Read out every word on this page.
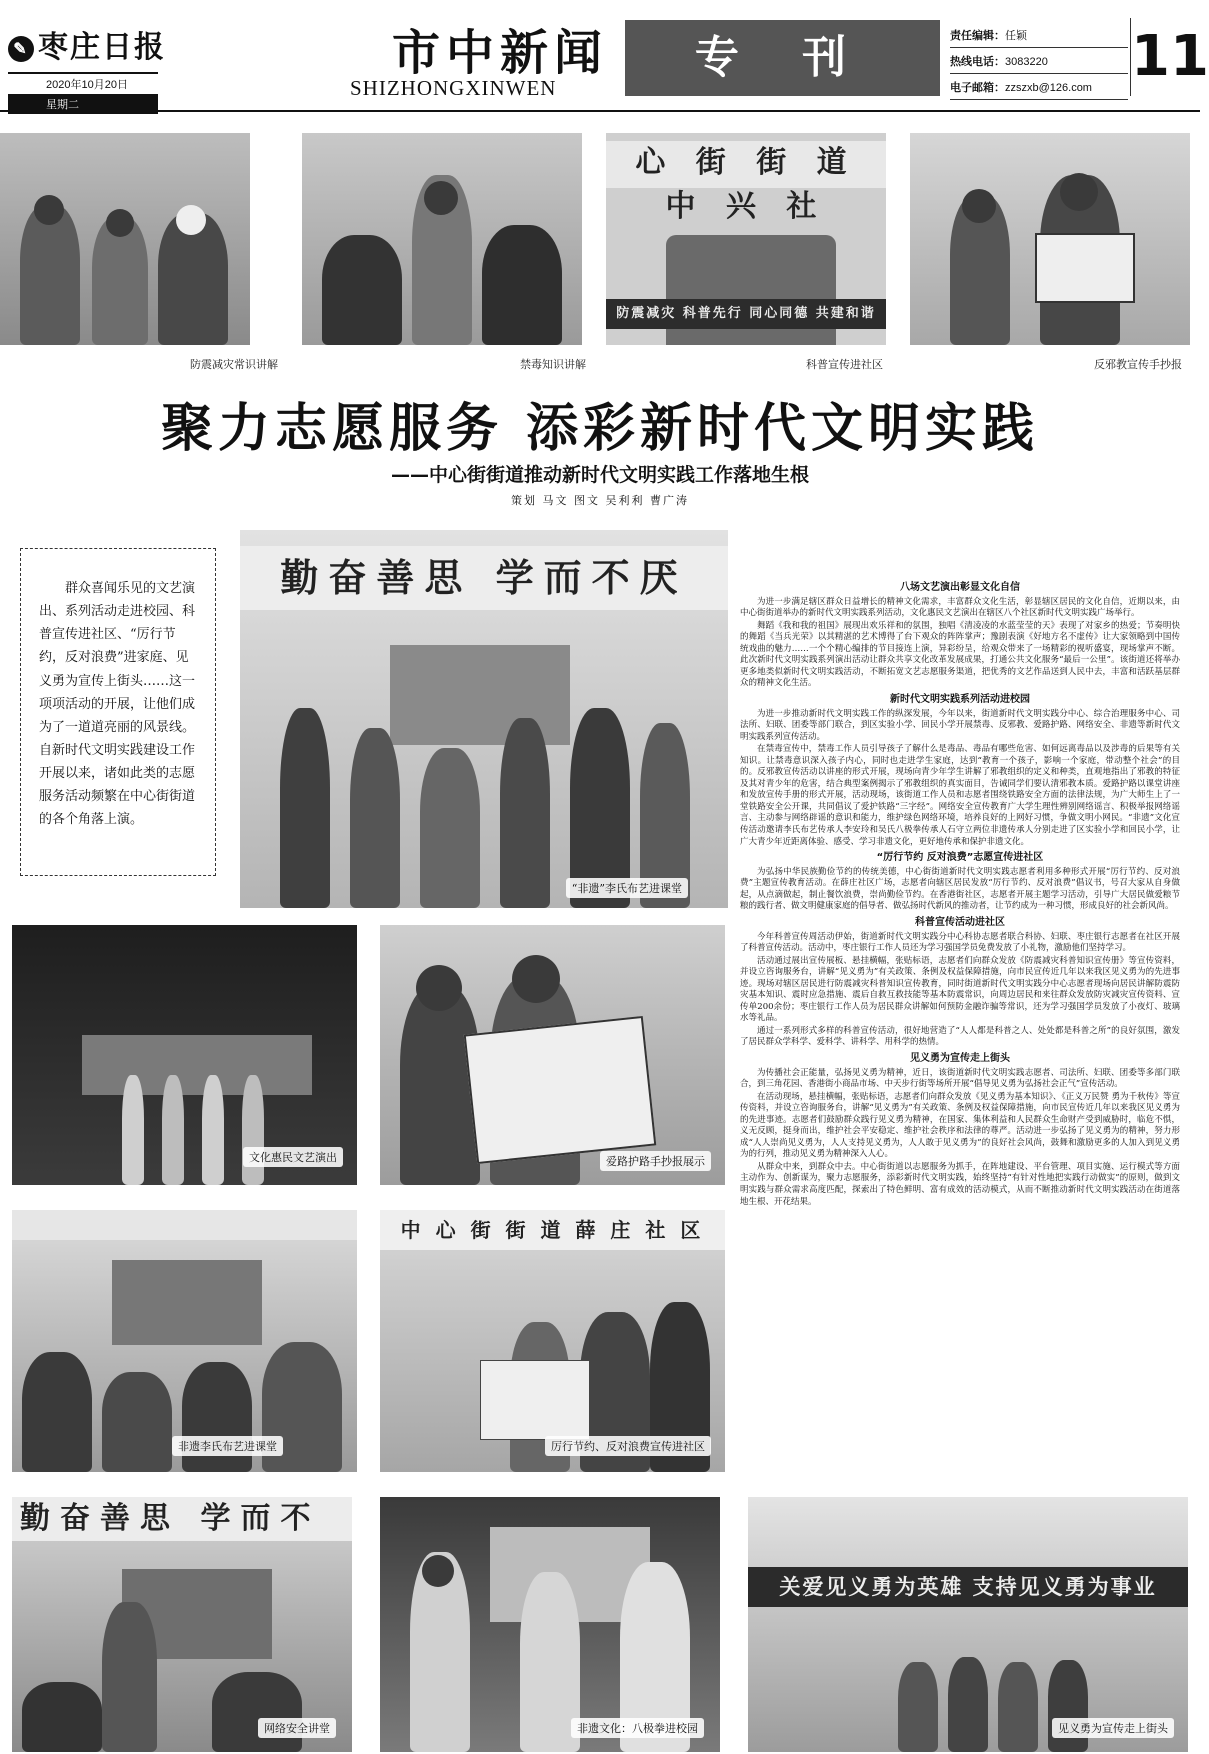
✎ 枣庄日报
2020年10月20日
星期二
市中新闻
SHIZHONGXINWEN
专 刊	责任编辑：任颖
热线电话：3083220
电子邮箱：zzszxb@126.com 11
心 街 街 道 中 兴 社
防震减灾 科普先行 同心同德 共建和谐
防震减灾常识讲解	禁毒知识讲解	科普宣传进社区	反邪教宣传手抄报
聚力志愿服务 添彩新时代文明实践
——中心街街道推动新时代文明实践工作落地生根
策划 马文 图文 吴利利 曹广涛
群众喜闻乐见的文艺演出、系列活动走进校园、科普宣传进社区、“厉行节约，反对浪费”进家庭、见义勇为宣传上街头……这一项项活动的开展，让他们成为了一道道亮丽的风景线。自新时代文明实践建设工作开展以来，诸如此类的志愿服务活动频繁在中心街街道的各个角落上演。
勤奋善思 学而不厌
“非遗”李氏布艺进课堂
文化惠民文艺演出	爱路护路手抄报展示
非遗李氏布艺进课堂
中 心 街 街 道 薛 庄 社 区
厉行节约、反对浪费宣传进社区
勤奋善思 学而不
网络安全讲堂	非遗文化：八极拳进校园
关爱见义勇为英雄 支持见义勇为事业
见义勇为宣传走上街头
八场文艺演出彰显文化自信

为进一步满足辖区群众日益增长的精神文化需求，丰富群众文化生活，彰显辖区居民的文化自信，近期以来，由中心街街道举办的新时代文明实践系列活动，文化惠民文艺演出在辖区八个社区新时代文明实践广场举行。

舞蹈《我和我的祖国》展现出欢乐祥和的氛围，独唱《清凌凌的水蓝莹莹的天》表现了对家乡的热爱；节奏明快的舞蹈《当兵光荣》以其精湛的艺术博得了台下观众的阵阵掌声；豫剧表演《好地方名不虚传》让大家领略到中国传统戏曲的魅力……一个个精心编排的节目接连上演，异彩纷呈，给观众带来了一场精彩的视听盛宴，现场掌声不断。此次新时代文明实践系列演出活动让群众共享文化改革发展成果，打通公共文化服务“最后一公里”。该街道还将举办更多地类似新时代文明实践活动，不断拓宽文艺志愿服务渠道，把优秀的文艺作品送到人民中去，丰富和活跃基层群众的精神文化生活。

新时代文明实践系列活动进校园

为进一步推动新时代文明实践工作的纵深发展，今年以来，街道新时代文明实践分中心、综合治理服务中心、司法所、妇联、团委等部门联合，到区实验小学、回民小学开展禁毒、反邪教、爱路护路、网络安全、非遗等新时代文明实践系列宣传活动。

在禁毒宣传中，禁毒工作人员引导孩子了解什么是毒品、毒品有哪些危害、如何远离毒品以及涉毒的后果等有关知识。让禁毒意识深入孩子内心，同时也走进学生家庭，达到“教育一个孩子，影响一个家庭，带动整个社会”的目的。反邪教宣传活动以讲座的形式开展，现场向青少年学生讲解了邪教组织的定义和种类，直观地指出了邪教的特征及其对青少年的危害，结合典型案例揭示了邪教组织的真实面目，告诫同学们要认清邪教本质。爱路护路以课堂讲座和发放宣传手册的形式开展，活动现场，该街道工作人员和志愿者围绕铁路安全方面的法律法规，为广大师生上了一堂铁路安全公开课，共同倡议了爱护铁路“三字经”。网络安全宣传教育广大学生理性辨别网络谣言、积极举报网络谣言、主动参与网络辟谣的意识和能力，维护绿色网络环境，培养良好的上网好习惯，争做文明小网民。“非遗”文化宣传活动邀请李氏布艺传承人李安玲和吴氏八极拳传承人石守立两位非遗传承人分别走进了区实验小学和回民小学，让广大青少年近距离体验、感受、学习非遗文化，更好地传承和保护非遗文化。

“厉行节约 反对浪费”志愿宣传进社区

为弘扬中华民族勤俭节约的传统美德，中心街街道新时代文明实践志愿者利用多种形式开展“厉行节约、反对浪费”主题宣传教育活动。在薛庄社区广场，志愿者向辖区居民发放“厉行节约、反对浪费”倡议书，号召大家从自身做起，从点滴做起，制止餐饮浪费，崇尚勤俭节约。在香港街社区，志愿者开展主题学习活动，引导广大居民做爱粮节粮的践行者、做文明健康家庭的倡导者、做弘扬时代新风的推动者，让节约成为一种习惯，形成良好的社会新风尚。

科普宣传活动进社区

今年科普宣传周活动伊始，街道新时代文明实践分中心科协志愿者联合科协、妇联、枣庄银行志愿者在社区开展了科普宣传活动。活动中，枣庄银行工作人员还为学习强国学员免费发放了小礼物，激励他们坚持学习。

活动通过展出宣传展板、悬挂横幅，张贴标语，志愿者们向群众发放《防震减灾科普知识宣传册》等宣传资料，并设立咨询服务台，讲解“见义勇为”有关政策、条例及权益保障措施，向市民宣传近几年以来我区见义勇为的先进事迹。现场对辖区居民进行防震减灾科普知识宣传教育，同时街道新时代文明实践分中心志愿者现场向居民讲解防震防灾基本知识、震时应急措施、震后自救互救技能等基本防震常识，向周边居民和来往群众发放防灾减灾宣传资料、宣传单200余份；枣庄银行工作人员为居民群众讲解如何预防金融诈骗等常识，还为学习强国学员发放了小夜灯、玻璃水等礼品。

通过一系列形式多样的科普宣传活动，很好地营造了“人人都是科普之人、处处都是科普之所”的良好氛围，激发了居民群众学科学、爱科学、讲科学、用科学的热情。

见义勇为宣传走上街头

为传播社会正能量，弘扬见义勇为精神，近日，该街道新时代文明实践志愿者、司法所、妇联、团委等多部门联合，到三角花园、香港街小商品市场、中天步行街等场所开展“倡导见义勇为弘扬社会正气”宣传活动。

在活动现场，悬挂横幅，张贴标语，志愿者们向群众发放《见义勇为基本知识》、《正义万民赞 勇为千秋传》等宣传资料，并设立咨询服务台，讲解“见义勇为”有关政策、条例及权益保障措施，向市民宣传近几年以来我区见义勇为的先进事迹。志愿者们鼓励群众践行见义勇为精神，在国家、集体利益和人民群众生命财产受到威胁时，临危不惧，义无反顾，挺身而出，维护社会平安稳定、维护社会秩序和法律的尊严。活动进一步弘扬了见义勇为的精神，努力形成“人人崇尚见义勇为，人人支持见义勇为，人人敢于见义勇为”的良好社会风尚，鼓舞和激励更多的人加入到见义勇为的行列，推动见义勇为精神深入人心。

从群众中来，到群众中去。中心街街道以志愿服务为抓手，在阵地建设、平台管理、项目实施、运行模式等方面主动作为、创新谋为，聚力志愿服务，添彩新时代文明实践，始终坚持“有针对性地把实践行动做实”的原则，做到文明实践与群众需求高度匹配，探索出了特色鲜明、富有成效的活动模式，从而不断推动新时代文明实践活动在街道落地生根、开花结果。
